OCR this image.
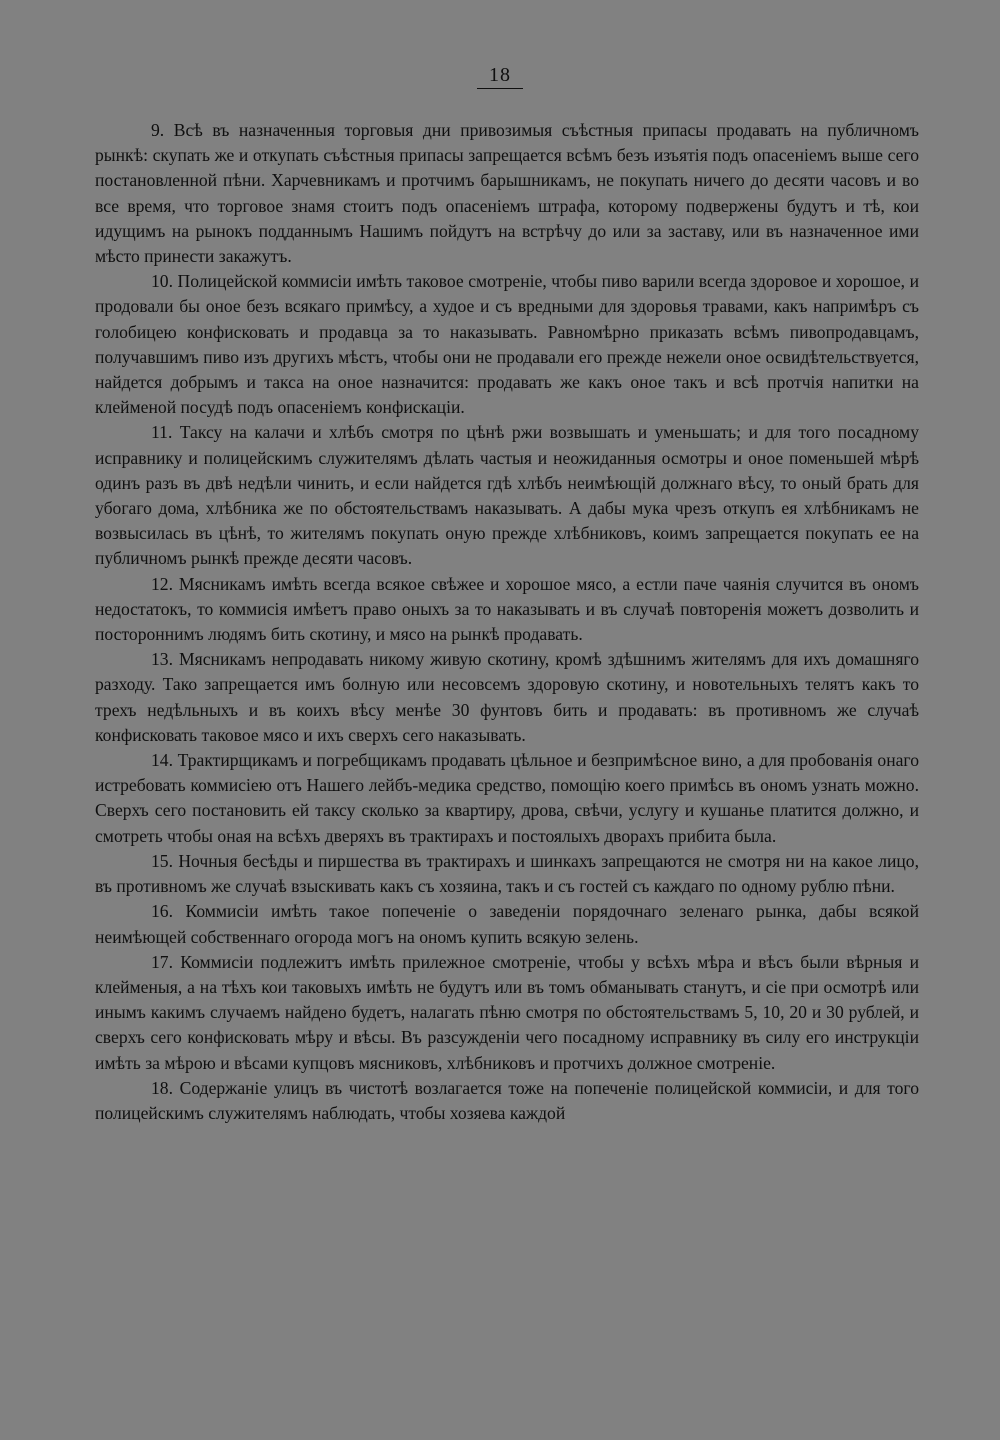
18

9. Всѣ въ назначенныя торговыя дни привозимыя съѣстныя припасы продавать на публичномъ рынкѣ: скупать же и откупать съѣстныя припасы запрещается всѣмъ безъ изъятія подъ опасеніемъ выше сего постановленной пѣни. Харчевникамъ и протчимъ барышникамъ, не покупать ничего до десяти часовъ и во все время, что торговое знамя стоитъ подъ опасеніемъ штрафа, которому подвержены будутъ и тѣ, кои идущимъ на рынокъ подданнымъ Нашимъ пойдутъ на встрѣчу до или за заставу, или въ назначенное ими мѣсто принести закажутъ.

10. Полицейской коммисіи имѣть таковое смотреніе, чтобы пиво варили всегда здоровое и хорошое, и продовали бы оное безъ всякаго примѣсу, а худое и съ вредными для здоровья травами, какъ напримѣръ съ голобицею конфисковать и продавца за то наказывать. Равномѣрно приказать всѣмъ пивопродавцамъ, получавшимъ пиво изъ другихъ мѣстъ, чтобы они не продавали его прежде нежели оное освидѣтельствуется, найдется добрымъ и такса на оное назначится: продавать же какъ оное такъ и всѣ протчія напитки на клейменой посудѣ подъ опасеніемъ конфискаціи.

11. Таксу на калачи и хлѣбъ смотря по цѣнѣ ржи возвышать и уменьшать; и для того посадному исправнику и полицейскимъ служителямъ дѣлать частыя и неожиданныя осмотры и оное поменьшей мѣрѣ одинъ разъ въ двѣ недѣли чинить, и если найдется гдѣ хлѣбъ неимѣющій должнаго вѣсу, то оный брать для убогаго дома, хлѣбника же по обстоятельствамъ наказывать. А дабы мука чрезъ откупъ ея хлѣбникамъ не возвысилась въ цѣнѣ, то жителямъ покупать оную прежде хлѣбниковъ, коимъ запрещается покупать ее на публичномъ рынкѣ прежде десяти часовъ.

12. Мясникамъ имѣть всегда всякое свѣжее и хорошое мясо, а естли паче чаянія случится въ ономъ недостатокъ, то коммисія имѣетъ право оныхъ за то наказывать и въ случаѣ повторенія можетъ дозволить и постороннимъ людямъ бить скотину, и мясо на рынкѣ продавать.

13. Мясникамъ непродавать никому живую скотину, кромѣ здѣшнимъ жителямъ для ихъ домашняго разходу. Тако запрещается имъ болную или несовсемъ здоровую скотину, и новотельныхъ телятъ какъ то трехъ недѣльныхъ и въ коихъ вѣсу менѣе 30 фунтовъ бить и продавать: въ противномъ же случаѣ конфисковать таковое мясо и ихъ сверхъ сего наказывать.

14. Трактирщикамъ и погребщикамъ продавать цѣльное и безпримѣсное вино, а для пробованія онаго истребовать коммисіею отъ Нашего лейбъ-медика средство, помощію коего примѣсь въ ономъ узнать можно. Сверхъ сего постановить ей таксу сколько за квартиру, дрова, свѣчи, услугу и кушанье платится должно, и смотреть чтобы оная на всѣхъ дверяхъ въ трактирахъ и постоялыхъ дворахъ прибита была.

15. Ночныя бесѣды и пиршества въ трактирахъ и шинкахъ запрещаются не смотря ни на какое лицо, въ противномъ же случаѣ взыскивать какъ съ хозяина, такъ и съ гостей съ каждаго по одному рублю пѣни.

16. Коммисіи имѣть такое попеченіе о заведеніи порядочнаго зеленаго рынка, дабы всякой неимѣющей собственнаго огорода могъ на ономъ купить всякую зелень.

17. Коммисіи подлежитъ имѣть прилежное смотреніе, чтобы у всѣхъ мѣра и вѣсъ были вѣрныя и клейменыя, а на тѣхъ кои таковыхъ имѣть не будутъ или въ томъ обманывать станутъ, и сіе при осмотрѣ или инымъ какимъ случаемъ найдено будетъ, налагать пѣню смотря по обстоятельствамъ 5, 10, 20 и 30 рублей, и сверхъ сего конфисковать мѣру и вѣсы. Въ разсужденіи чего посадному исправнику въ силу его инструкціи имѣть за мѣрою и вѣсами купцовъ мясниковъ, хлѣбниковъ и протчихъ должное смотреніе.

18. Содержаніе улицъ въ чистотѣ возлагается тоже на попеченіе полицейской коммисіи, и для того полицейскимъ служителямъ наблюдать, чтобы хозяева каждой
